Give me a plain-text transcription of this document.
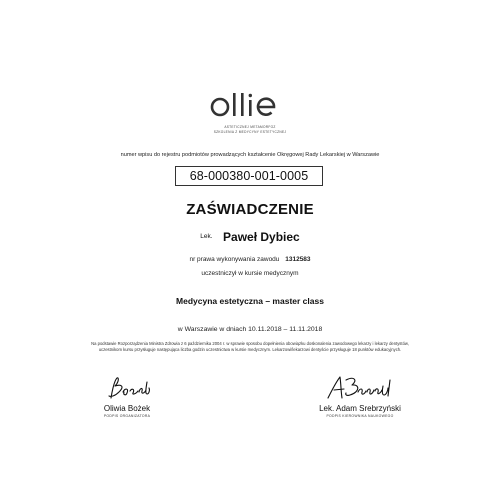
ASTETICZNEJ METAMORFOZ
SZKOLENIA Z MEDYCYNY ESTETYCZNEJ
numer wpisu do rejestru podmiotów prowadzących kształcenie Okręgowej Rady Lekarskiej w Warszawie
68-000380-001-0005
ZAŚWIADCZENIE
Lek. Paweł Dybiec
nr prawa wykonywania zawodu 1312583
uczestniczył w kursie medycznym
Medycyna estetyczna – master class
w Warszawie w dniach 10.11.2018 – 11.11.2018
Na podstawie Rozporządzenia Ministra Zdrowia z 6 października 2004 r. w sprawie sposobu dopełnienia obowiązku doskonalenia zawodowego lekarzy i lekarzy dentystów,
uczestnikom kursu przysługuje następująca liczba godzin uczestnictwa w kursie medycznym. Lekarzowi/lekarzowi dentyście przysługuje 18 punktów edukacyjnych.
Oliwia Bożek
PODPIS ORGANIZATORA
Lek. Adam Srebrzyński
PODPIS KIEROWNIKA NAUKOWEGO
